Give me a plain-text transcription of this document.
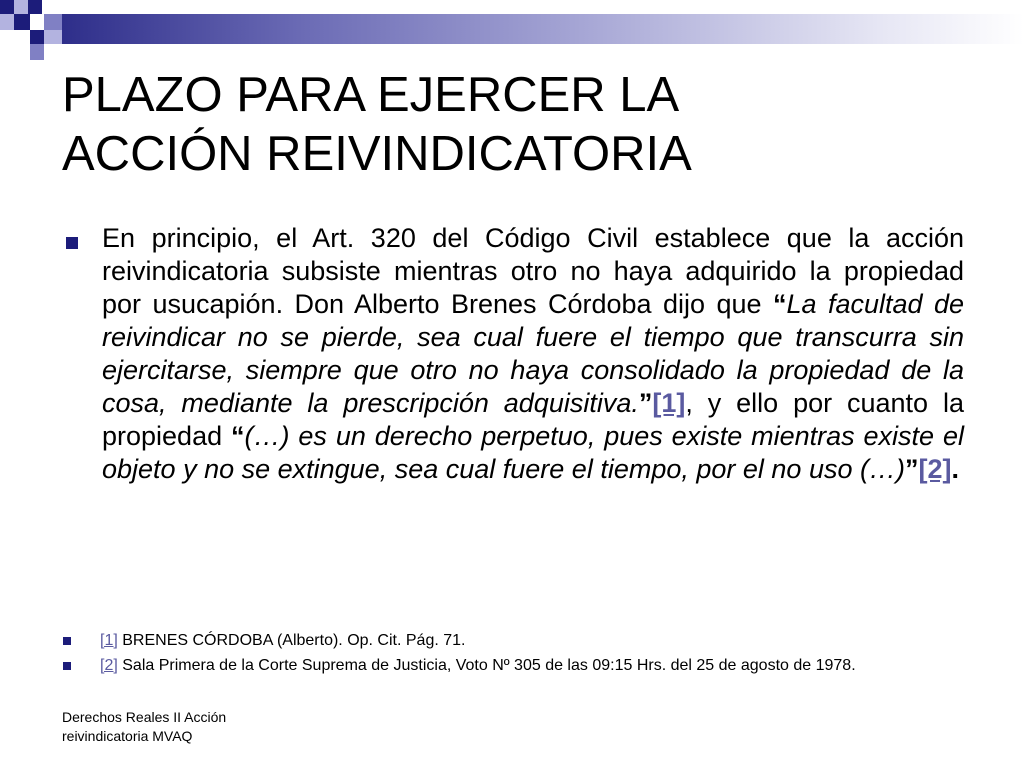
PLAZO PARA EJERCER LA
ACCIÓN REIVINDICATORIA

En principio, el Art. 320 del Código Civil establece que la acción reivindicatoria subsiste mientras otro no haya adquirido la propiedad por usucapión. Don Alberto Brenes Córdoba dijo que “La facultad de reivindicar no se pierde, sea cual fuere el tiempo que transcurra sin ejercitarse, siempre que otro no haya consolidado la propiedad de la cosa, mediante la prescripción adquisitiva.”[1], y ello por cuanto la propiedad “(…) es un derecho perpetuo, pues existe mientras existe el objeto y no se extingue, sea cual fuere el tiempo, por el no uso (…)”[2].

[1] BRENES CÓRDOBA (Alberto). Op. Cit. Pág. 71.

[2] Sala Primera de la Corte Suprema de Justicia, Voto Nº 305 de las 09:15 Hrs. del 25 de agosto de 1978.

Derechos Reales II Acción
reivindicatoria MVAQ
